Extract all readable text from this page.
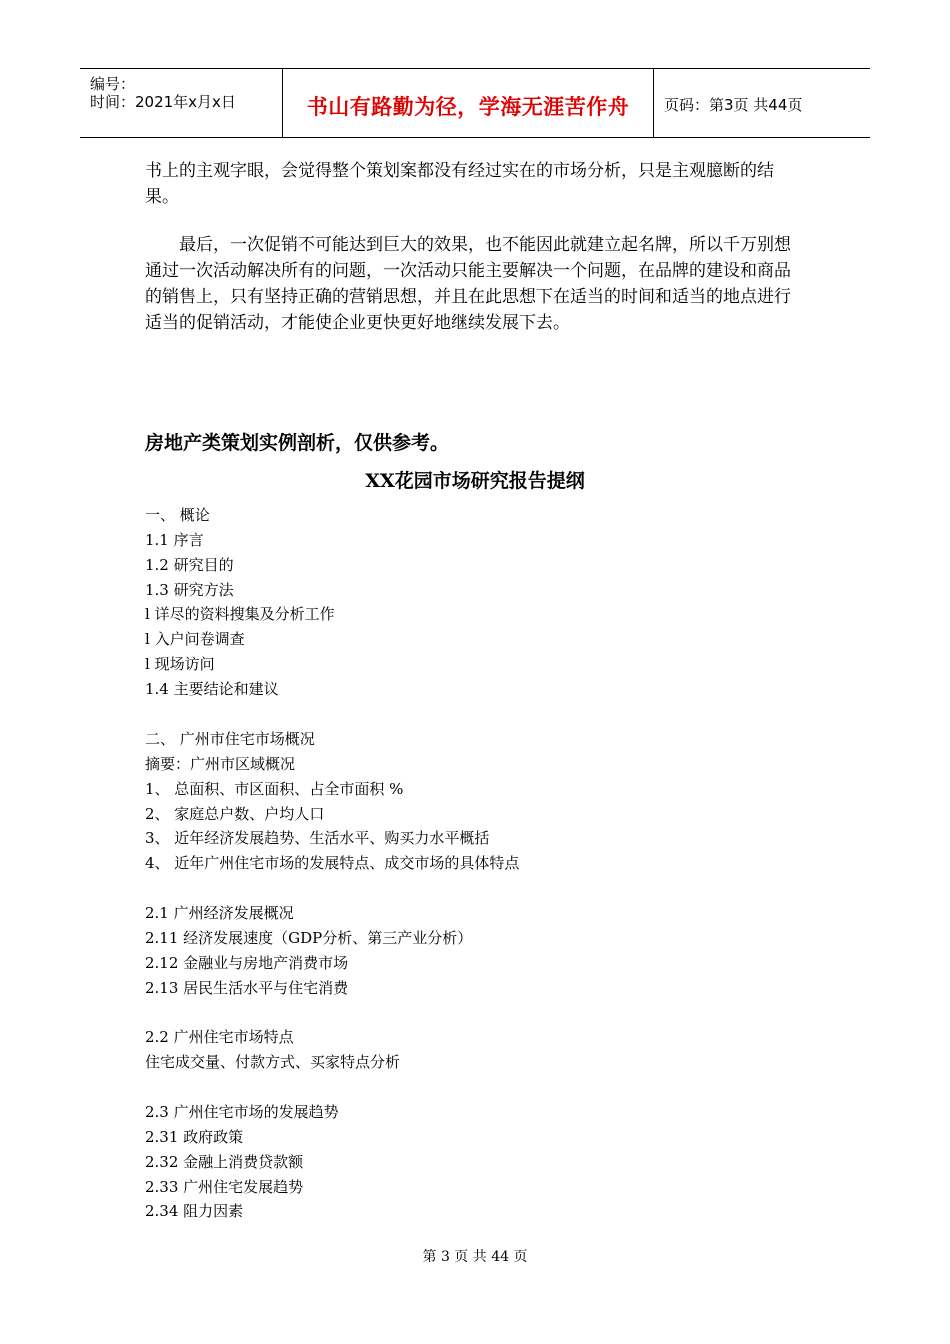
编号：
时间：2021年x月x日	书山有路勤为径，学海无涯苦作舟	页码：第3页 共44页

书上的主观字眼，会觉得整个策划案都没有经过实在的市场分析，只是主观臆断的结果。

最后，一次促销不可能达到巨大的效果，也不能因此就建立起名牌，所以千万别想通过一次活动解决所有的问题，一次活动只能主要解决一个问题，在品牌的建设和商品的销售上，只有坚持正确的营销思想，并且在此思想下在适当的时间和适当的地点进行适当的促销活动，才能使企业更快更好地继续发展下去。

房地产类策划实例剖析，仅供参考。
XX花园市场研究报告提纲
一、 概论
1.1 序言
1.2 研究目的
1.3 研究方法
l 详尽的资料搜集及分析工作
l 入户问卷调查
l 现场访问
1.4 主要结论和建议
二、 广州市住宅市场概况
摘要：广州市区域概况
1、 总面积、市区面积、占全市面积 %
2、 家庭总户数、户均人口
3、 近年经济发展趋势、生活水平、购买力水平概括
4、 近年广州住宅市场的发展特点、成交市场的具体特点
2.1 广州经济发展概况
2.11 经济发展速度（GDP分析、第三产业分析）
2.12 金融业与房地产消费市场
2.13 居民生活水平与住宅消费
2.2 广州住宅市场特点
住宅成交量、付款方式、买家特点分析
2.3 广州住宅市场的发展趋势
2.31 政府政策
2.32 金融上消费贷款额
2.33 广州住宅发展趋势
2.34 阻力因素
第 3 页 共 44 页
